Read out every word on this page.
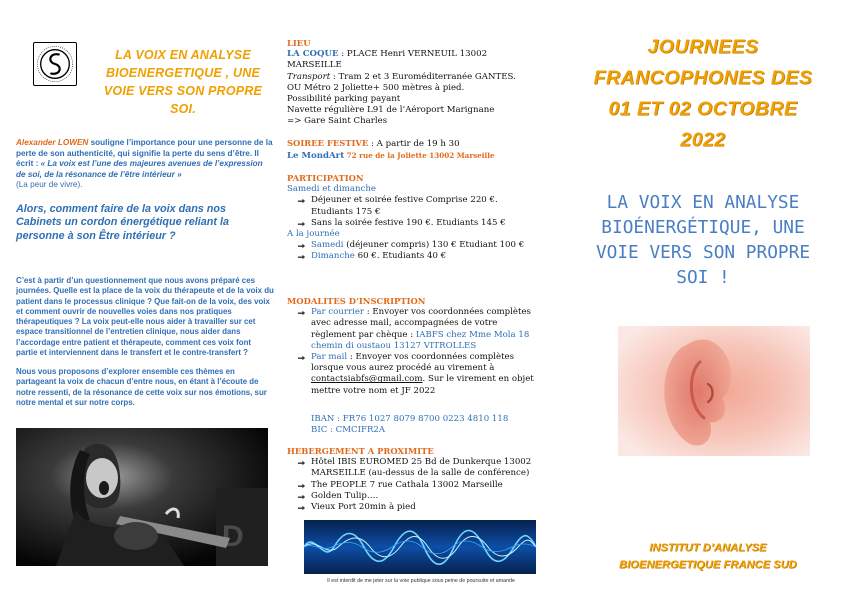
LA VOIX EN ANALYSE
BIOENERGETIQUE , UNE
VOIE VERS SON PROPRE
SOI.
Alexander LOWEN souligne l’importance pour une personne de la perte de son authenticité, qui signifie la perte du sens d’être. Il écrit : « La voix est l’une des majeures avenues de l’expression de soi, de la résonance de l’être intérieur »
(La peur de vivre).
Alors, comment faire de la voix dans nos Cabinets un cordon énergétique reliant la personne à son Être intérieur ?
C’est à partir d’un questionnement que nous avons préparé ces journées. Quelle est la place de la voix du thérapeute et de la voix du patient dans le processus clinique ? Que fait-on de la voix, des voix et comment ouvrir de nouvelles voies dans nos pratiques thérapeutiques ? La voix peut-elle nous aider à travailler sur cet espace transitionnel de l’entretien clinique, nous aider dans l’accordage entre patient et thérapeute, comment ces voix font partie et interviennent dans le transfert et le contre-transfert ?
Nous vous proposons d’explorer ensemble ces thèmes en partageant la voix de chacun d’entre nous, en étant à l’écoute de notre ressenti, de la résonance de cette voix sur nos émotions, sur notre mental et sur notre corps.
D
LIEU
LA COQUE : PLACE Henri VERNEUIL 13002 MARSEILLE
Transport : Tram 2 et 3 Euroméditerranée GANTES.
OU Métro 2 Joliette+ 500 mètres à pied.
Possibilité parking payant
Navette régulière L91 de l’Aéroport Marignane
=> Gare Saint Charles
SOIREE FESTIVE : A partir de 19 h 30
Le MondArt 72 rue de la Joliette 13002 Marseille
PARTICIPATION
Samedi et dimanche
Déjeuner et soirée festive Comprise 220 €. Etudiants 175 €
Sans la soirée festive 190 €. Etudiants 145 €
A la journée
Samedi (déjeuner compris) 130 € Etudiant 100 €
Dimanche 60 €. Etudiants 40 €
MODALITES D’INSCRIPTION
Par courrier : Envoyer vos coordonnées complètes avec adresse mail, accompagnées de votre règlement par chèque : IABFS chez Mme Mola 18 chemin di oustaou 13127 VITROLLES
Par mail : Envoyer vos coordonnées complètes lorsque vous aurez procédé au virement à contactsiabfs@gmail.com. Sur le virement en objet mettre votre nom et JF 2022
IBAN : FR76 1027 8079 8700 0223 4810 118
BIC : CMCIFR2A
HEBERGEMENT A PROXIMITE
Hôtel IBIS EUROMED 25 Bd de Dunkerque 13002 MARSEILLE (au-dessus de la salle de conférence)
The PEOPLE 7 rue Cathala 13002 Marseille
Golden Tulip….
Vieux Port 20min à pied
Il est interdit de me jeter sur la voie publique sous peine de poursuite et amande
JOURNEES
FRANCOPHONES DES
01 ET 02 OCTOBRE
2022
LA VOIX EN ANALYSE
BIOÉNERGÉTIQUE, UNE
VOIE VERS SON PROPRE
SOI !
INSTITUT D’ANALYSE
BIOENERGETIQUE FRANCE SUD
